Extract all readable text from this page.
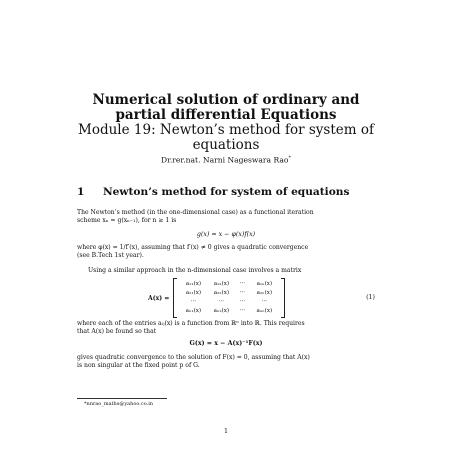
Numerical solution of ordinary and
partial differential Equations
Module 19: Newton’s method for system of
equations
Dr.rer.nat. Narni Nageswara Rao*
1 Newton’s method for system of equations
The Newton’s method (in the one-dimensional case) as a functional iteration
scheme xₙ = g(xₙ₋₁), for n ≥ 1 is
g(x) = x − φ(x)f(x)
where φ(x) = 1/f′(x), assuming that f′(x) ≠ 0 gives a quadratic convergence
(see B.Tech 1st year).
Using a similar approach in the n-dimensional case involves a matrix
A(x) =
a₁₁(x)	a₁₂(x)	···	a₁ₙ(x)
a₂₁(x)	a₂₂(x)	···	a₂ₙ(x)
···	···	···	···
aₙ₁(x)	aₙ₂(x)	···	aₙₙ(x)
(1)
where each of the entries aᵢⱼ(x) is a function from ℝⁿ into ℝ. This requires
that A(x) be found so that
G(x) = x − A(x)⁻¹F(x)
gives quadratic convergence to the solution of F(x) = 0, assuming that A(x)
is non singular at the fixed point p of G.
*nnrao_maths@yahoo.co.in
1
